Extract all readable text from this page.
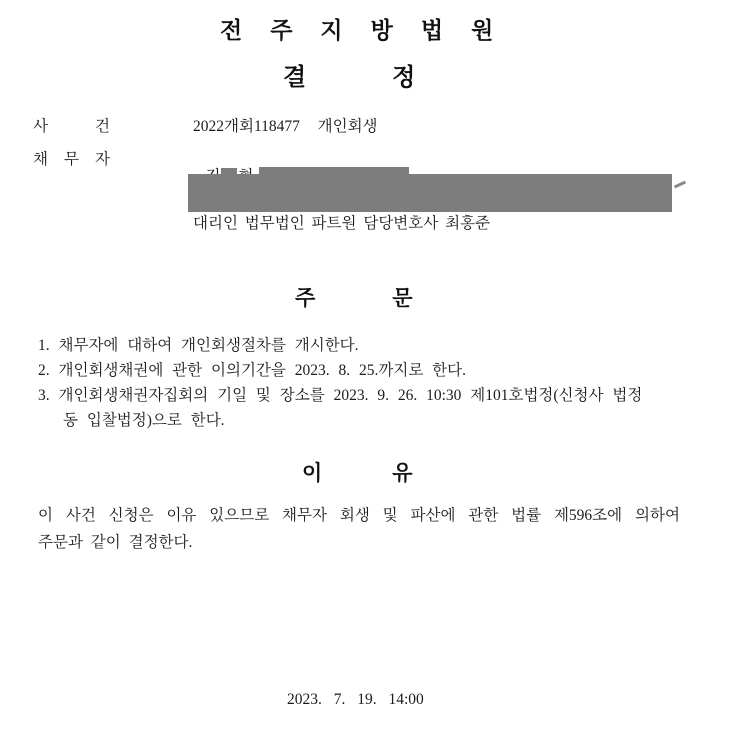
전주지방법원
결정
사건 2022개회118477  개인회생
채무자

대리인 법무법인 파트원 담당변호사 최홍준
주문
1. 채무자에 대하여 개인회생절차를 개시한다.
2. 개인회생채권에 관한 이의기간을 2023. 8. 25.까지로 한다.
3. 개인회생채권자집회의 기일 및 장소를 2023. 9. 26. 10:30 제101호법정(신청사 법정
동 입찰법정)으로 한다.
이유
이 사건 신청은 이유 있으므로 채무자 회생 및 파산에 관한 법률 제596조에 의하여
주문과 같이 결정한다.
2023. 7. 19. 14:00
